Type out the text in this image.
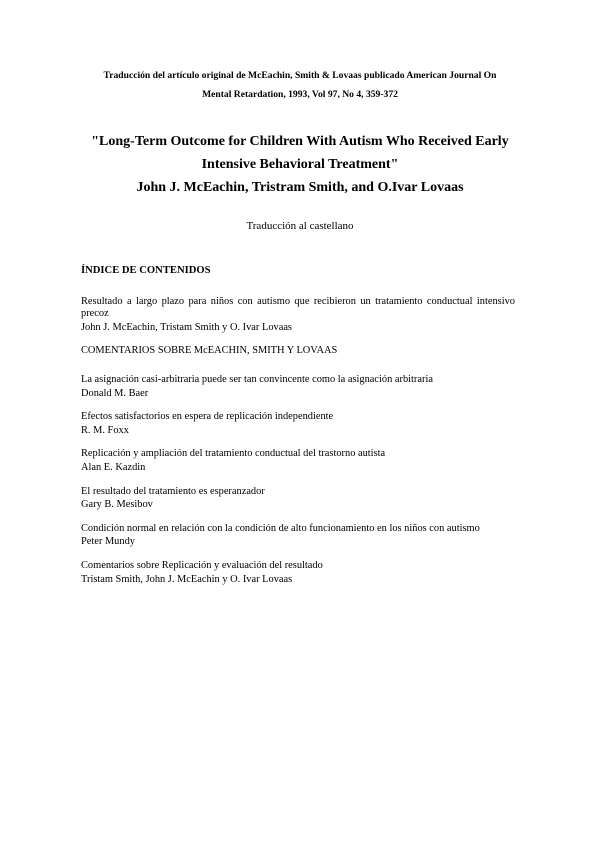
Traducción del artículo original de McEachin, Smith & Lovaas publicado American Journal On
Mental Retardation, 1993, Vol 97, No 4, 359-372
"Long-Term Outcome for Children With Autism Who Received Early
Intensive Behavioral Treatment"
John J. McEachin, Tristram Smith, and O.Ivar Lovaas
Traducción al castellano
ÍNDICE DE CONTENIDOS
Resultado a largo plazo para niños con autismo que recibieron un tratamiento conductual intensivo precoz
John J. McEachin, Tristam Smith y O. Ivar Lovaas
COMENTARIOS SOBRE McEACHIN, SMITH Y LOVAAS
La asignación casi-arbitraria puede ser tan convincente como la asignación arbitraria
Donald M. Baer
Efectos satisfactorios en espera de replicación independiente
R. M. Foxx
Replicación y ampliación del tratamiento conductual del trastorno autista
Alan E. Kazdin
El resultado del tratamiento es esperanzador
Gary B. Mesibov
Condición normal en relación con la condición de alto funcionamiento en los niños con autismo
Peter Mundy
Comentarios sobre Replicación y evaluación del resultado
Tristam Smith, John J. McEachin y O. Ivar Lovaas
